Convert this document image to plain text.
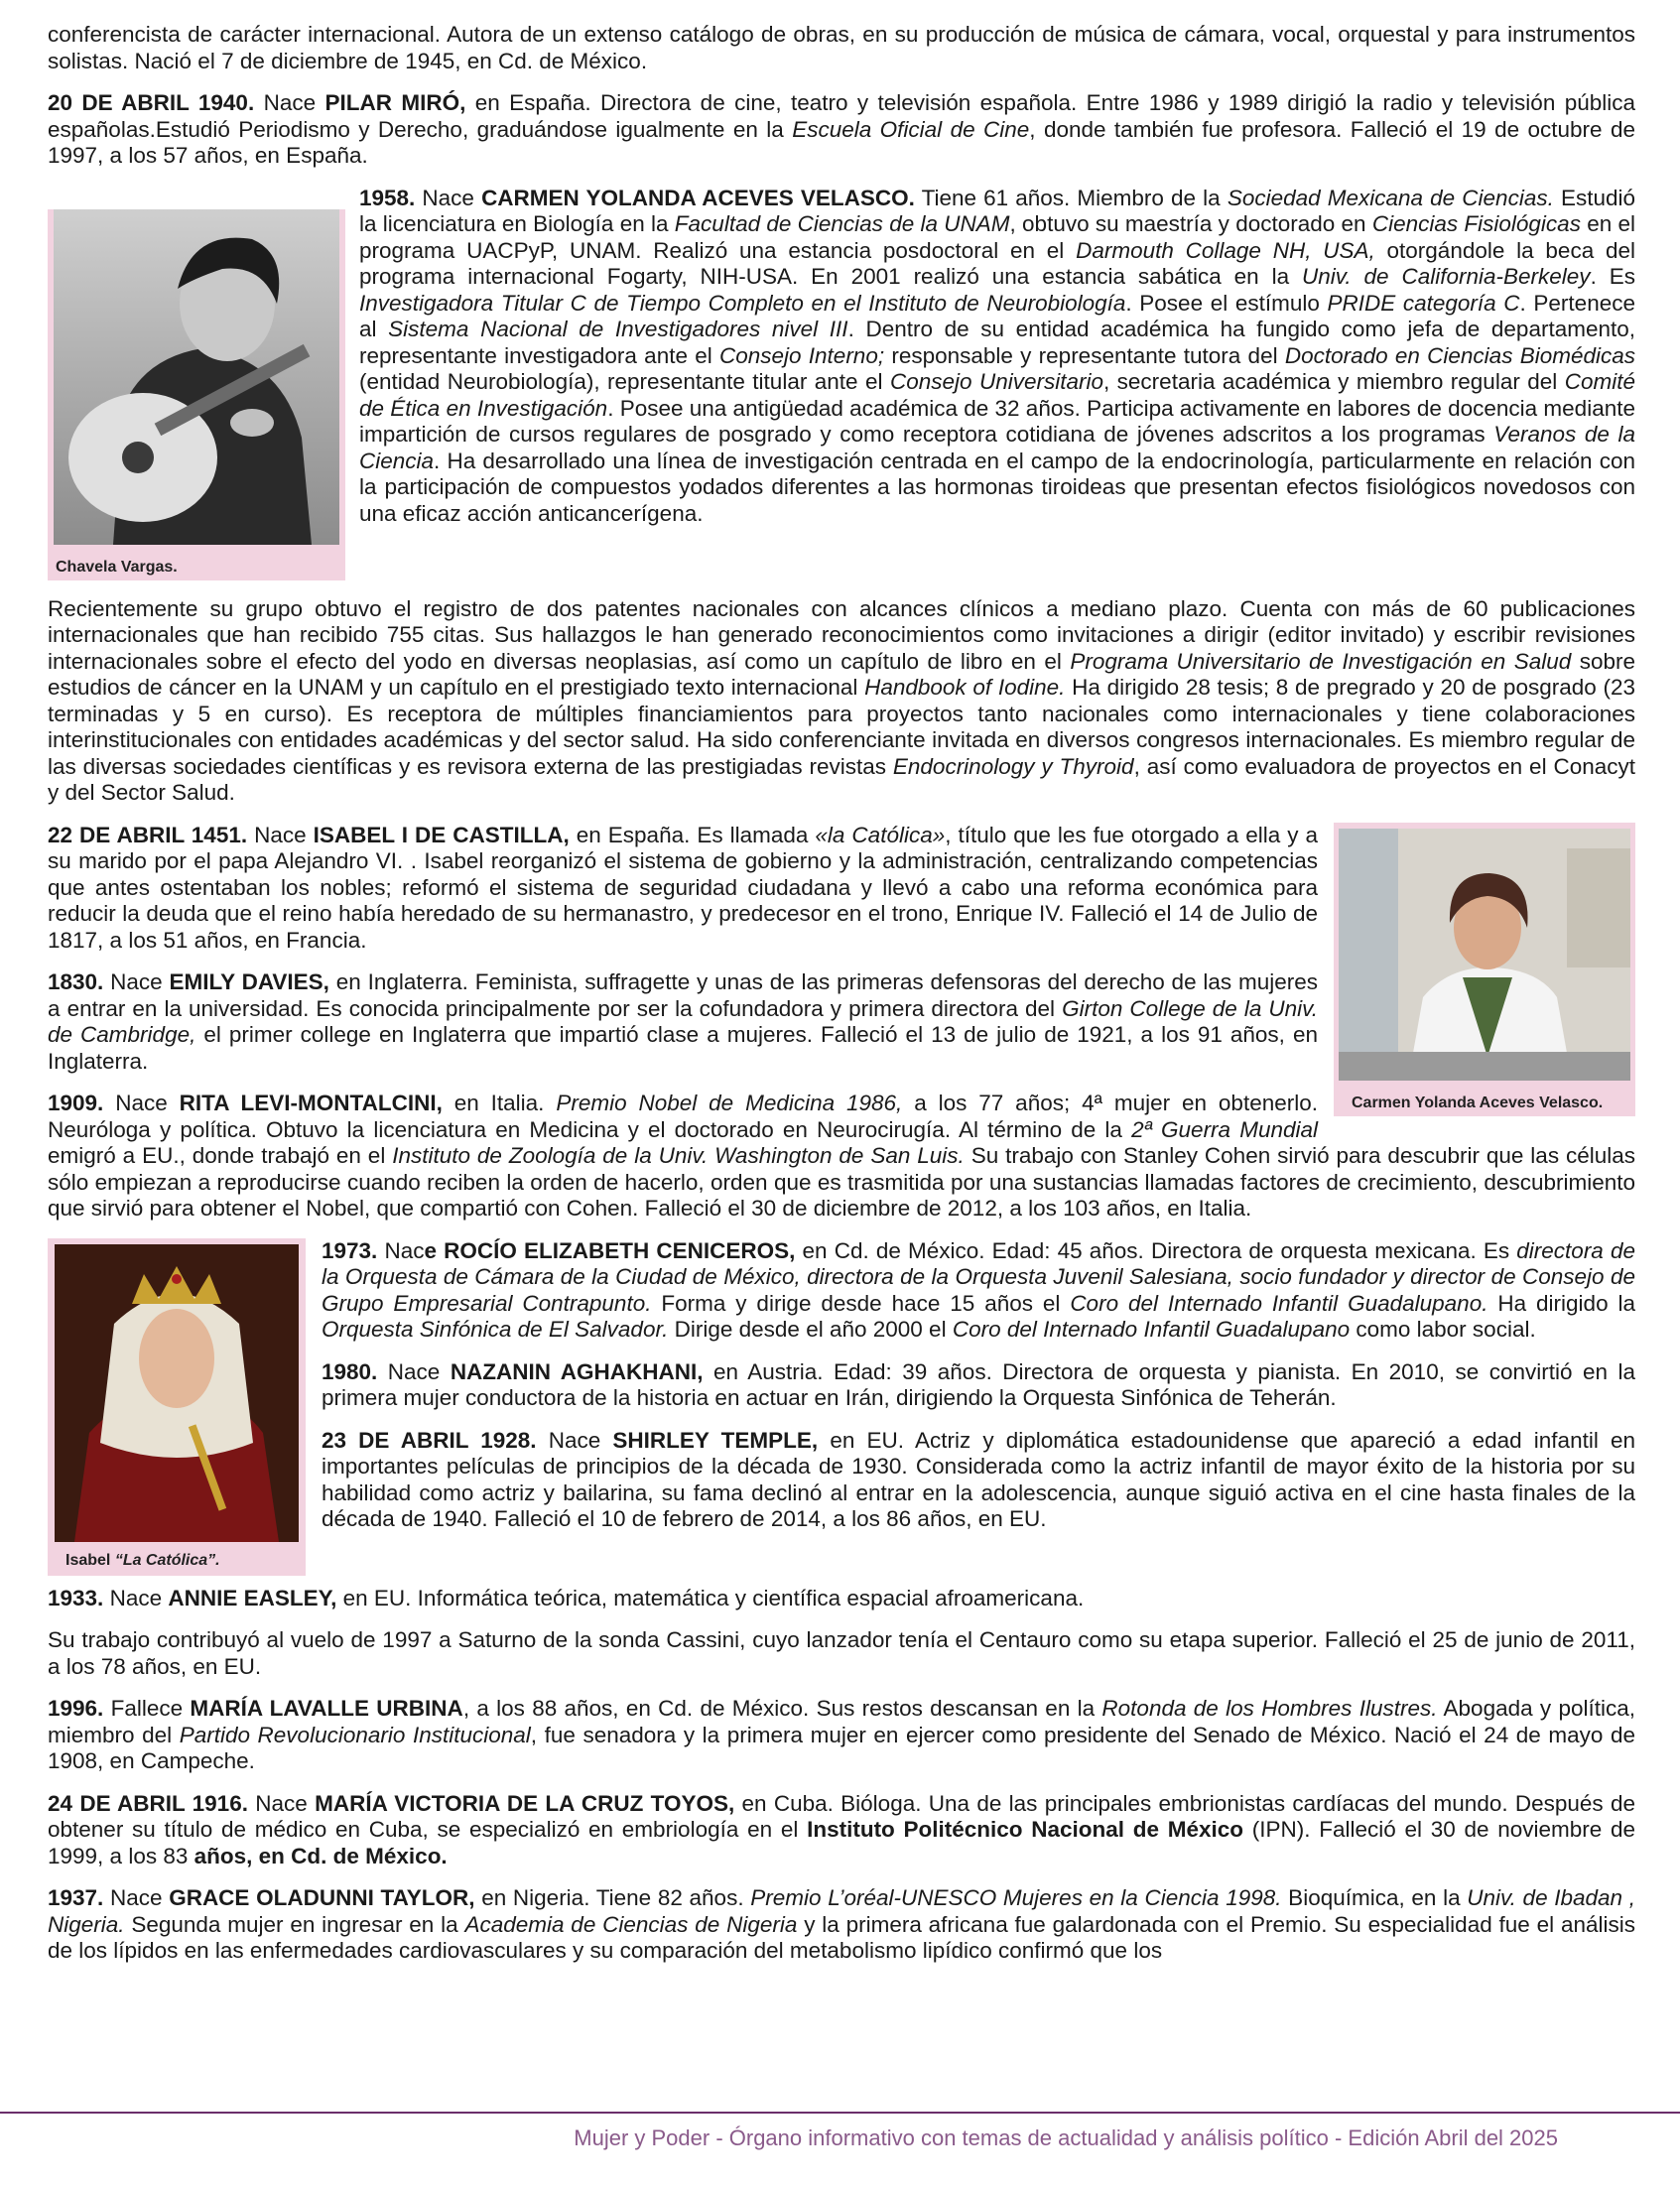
conferencista de carácter internacional. Autora de un extenso catálogo de obras, en su producción de música de cámara, vocal, orquestal y para instrumentos solistas. Nació el 7 de diciembre de 1945, en Cd. de México.

20 DE ABRIL 1940. Nace PILAR MIRÓ, en España. Directora de cine, teatro y televisión española. Entre 1986 y 1989 dirigió la radio y televisión pública españolas.Estudió Periodismo y Derecho, graduándose igualmente en la Escuela Oficial de Cine, donde también fue profesora. Falleció el 19 de octubre de 1997, a los 57 años, en España.

Chavela Vargas.

1958. Nace CARMEN YOLANDA ACEVES VELASCO. Tiene 61 años. Miembro de la Sociedad Mexicana de Ciencias. Estudió la licenciatura en Biología en la Facultad de Ciencias de la UNAM, obtuvo su maestría y doctorado en Ciencias Fisiológicas en el programa UACPyP, UNAM. Realizó una estancia posdoctoral en el Darmouth Collage NH, USA, otorgándole la beca del programa internacional Fogarty, NIH-USA. En 2001 realizó una estancia sabática en la Univ. de California-Berkeley. Es Investigadora Titular C de Tiempo Completo en el Instituto de Neurobiología. Posee el estímulo PRIDE categoría C. Pertenece al Sistema Nacional de Investigadores nivel III. Dentro de su entidad académica ha fungido como jefa de departamento, representante investigadora ante el Consejo Interno; responsable y representante tutora del Doctorado en Ciencias Biomédicas (entidad Neurobiología), representante titular ante el Consejo Universitario, secretaria académica y miembro regular del Comité de Ética en Investigación. Posee una antigüedad académica de 32 años. Participa activamente en labores de docencia mediante impartición de cursos regulares de posgrado y como receptora cotidiana de jóvenes adscritos a los programas Veranos de la Ciencia. Ha desarrollado una línea de investigación centrada en el campo de la endocrinología, particularmente en relación con la participación de compuestos yodados diferentes a las hormonas tiroideas que presentan efectos fisiológicos novedosos con una eficaz acción anticancerígena.

Recientemente su grupo obtuvo el registro de dos patentes nacionales con alcances clínicos a mediano plazo. Cuenta con más de 60 publicaciones internacionales que han recibido 755 citas. Sus hallazgos le han generado reconocimientos como invitaciones a dirigir (editor invitado) y escribir revisiones internacionales sobre el efecto del yodo en diversas neoplasias, así como un capítulo de libro en el Programa Universitario de Investigación en Salud sobre estudios de cáncer en la UNAM y un capítulo en el prestigiado texto internacional Handbook of Iodine. Ha dirigido 28 tesis; 8 de pregrado y 20 de posgrado (23 terminadas y 5 en curso). Es receptora de múltiples financiamientos para proyectos tanto nacionales como internacionales y tiene colaboraciones interinstitucionales con entidades académicas y del sector salud. Ha sido conferenciante invitada en diversos congresos internacionales. Es miembro regular de las diversas sociedades científicas y es revisora externa de las prestigiadas revistas Endocrinology y Thyroid, así como evaluadora de proyectos en el Conacyt y del Sector Salud.

Carmen Yolanda Aceves Velasco.

22 DE ABRIL 1451. Nace ISABEL I DE CASTILLA, en España. Es llamada «la Católica», título que les fue otorgado a ella y a su marido por el papa Alejandro VI. . Isabel reorganizó el sistema de gobierno y la administración, centralizando competencias que antes ostentaban los nobles; reformó el sistema de seguridad ciudadana y llevó a cabo una reforma económica para reducir la deuda que el reino había heredado de su hermanastro, y predecesor en el trono, Enrique IV. Falleció el 14 de Julio de 1817, a los 51 años, en Francia.

1830. Nace EMILY DAVIES, en Inglaterra. Feminista, suffragette y unas de las primeras defensoras del derecho de las mujeres a entrar en la universidad. Es conocida principalmente por ser la cofundadora y primera directora del Girton College de la Univ. de Cambridge, el primer college en Inglaterra que impartió clase a mujeres. Falleció el 13 de julio de 1921, a los 91 años, en Inglaterra.

1909. Nace RITA LEVI-MONTALCINI, en Italia. Premio Nobel de Medicina 1986, a los 77 años; 4ª mujer en obtenerlo. Neuróloga y política. Obtuvo la licenciatura en Medicina y el doctorado en Neurocirugía. Al término de la 2ª Guerra Mundial emigró a EU., donde trabajó en el Instituto de Zoología de la Univ. Washington de San Luis. Su trabajo con Stanley Cohen sirvió para descubrir que las células sólo empiezan a reproducirse cuando reciben la orden de hacerlo, orden que es trasmitida por una sustancias llamadas factores de crecimiento, descubrimiento que sirvió para obtener el Nobel, que compartió con Cohen. Falleció el 30 de diciembre de 2012, a los 103 años, en Italia.

Isabel “La Católica”.

1973. Nace ROCÍO ELIZABETH CENICEROS, en Cd. de México. Edad: 45 años. Directora de orquesta mexicana. Es directora de la Orquesta de Cámara de la Ciudad de México, directora de la Orquesta Juvenil Salesiana, socio fundador y director de Consejo de Grupo Empresarial Contrapunto. Forma y dirige desde hace 15 años el Coro del Internado Infantil Guadalupano. Ha dirigido la Orquesta Sinfónica de El Salvador. Dirige desde el año 2000 el Coro del Internado Infantil Guadalupano como labor social.

1980. Nace NAZANIN AGHAKHANI, en Austria. Edad: 39 años. Directora de orquesta y pianista. En 2010, se convirtió en la primera mujer conductora de la historia en actuar en Irán, dirigiendo la Orquesta Sinfónica de Teherán.

23 DE ABRIL 1928. Nace SHIRLEY TEMPLE, en EU. Actriz y diplomática estadounidense que apareció a edad infantil en importantes películas de principios de la década de 1930. Considerada como la actriz infantil de mayor éxito de la historia por su habilidad como actriz y bailarina, su fama declinó al entrar en la adolescencia, aunque siguió activa en el cine hasta finales de la década de 1940. Falleció el 10 de febrero de 2014, a los 86 años, en EU.

1933. Nace ANNIE EASLEY, en EU. Informática teórica, matemática y científica espacial afroamericana.

Su trabajo contribuyó al vuelo de 1997 a Saturno de la sonda Cassini, cuyo lanzador tenía el Centauro como su etapa superior. Falleció el 25 de junio de 2011, a los 78 años, en EU.

1996. Fallece MARÍA LAVALLE URBINA, a los 88 años, en Cd. de México. Sus restos descansan en la Rotonda de los Hombres Ilustres. Abogada y política, miembro del Partido Revolucionario Institucional, fue senadora y la primera mujer en ejercer como presidente del Senado de México. Nació el 24 de mayo de 1908, en Campeche.

24 DE ABRIL 1916. Nace MARÍA VICTORIA DE LA CRUZ TOYOS, en Cuba. Bióloga. Una de las principales embrionistas cardíacas del mundo. Después de obtener su título de médico en Cuba, se especializó en embriología en el Instituto Politécnico Nacional de México (IPN). Falleció el 30 de noviembre de 1999, a los 83 años, en Cd. de México.

1937. Nace GRACE OLADUNNI TAYLOR, en Nigeria. Tiene 82 años. Premio L’oréal-UNESCO Mujeres en la Ciencia 1998. Bioquímica, en la Univ. de Ibadan , Nigeria. Segunda mujer en ingresar en la Academia de Ciencias de Nigeria y la primera africana fue galardonada con el Premio. Su especialidad fue el análisis de los lípidos en las enfermedades cardiovasculares y su comparación del metabolismo lipídico confirmó que los

Mujer y Poder - Órgano informativo con temas de actualidad y análisis político - Edición Abril del 2025
